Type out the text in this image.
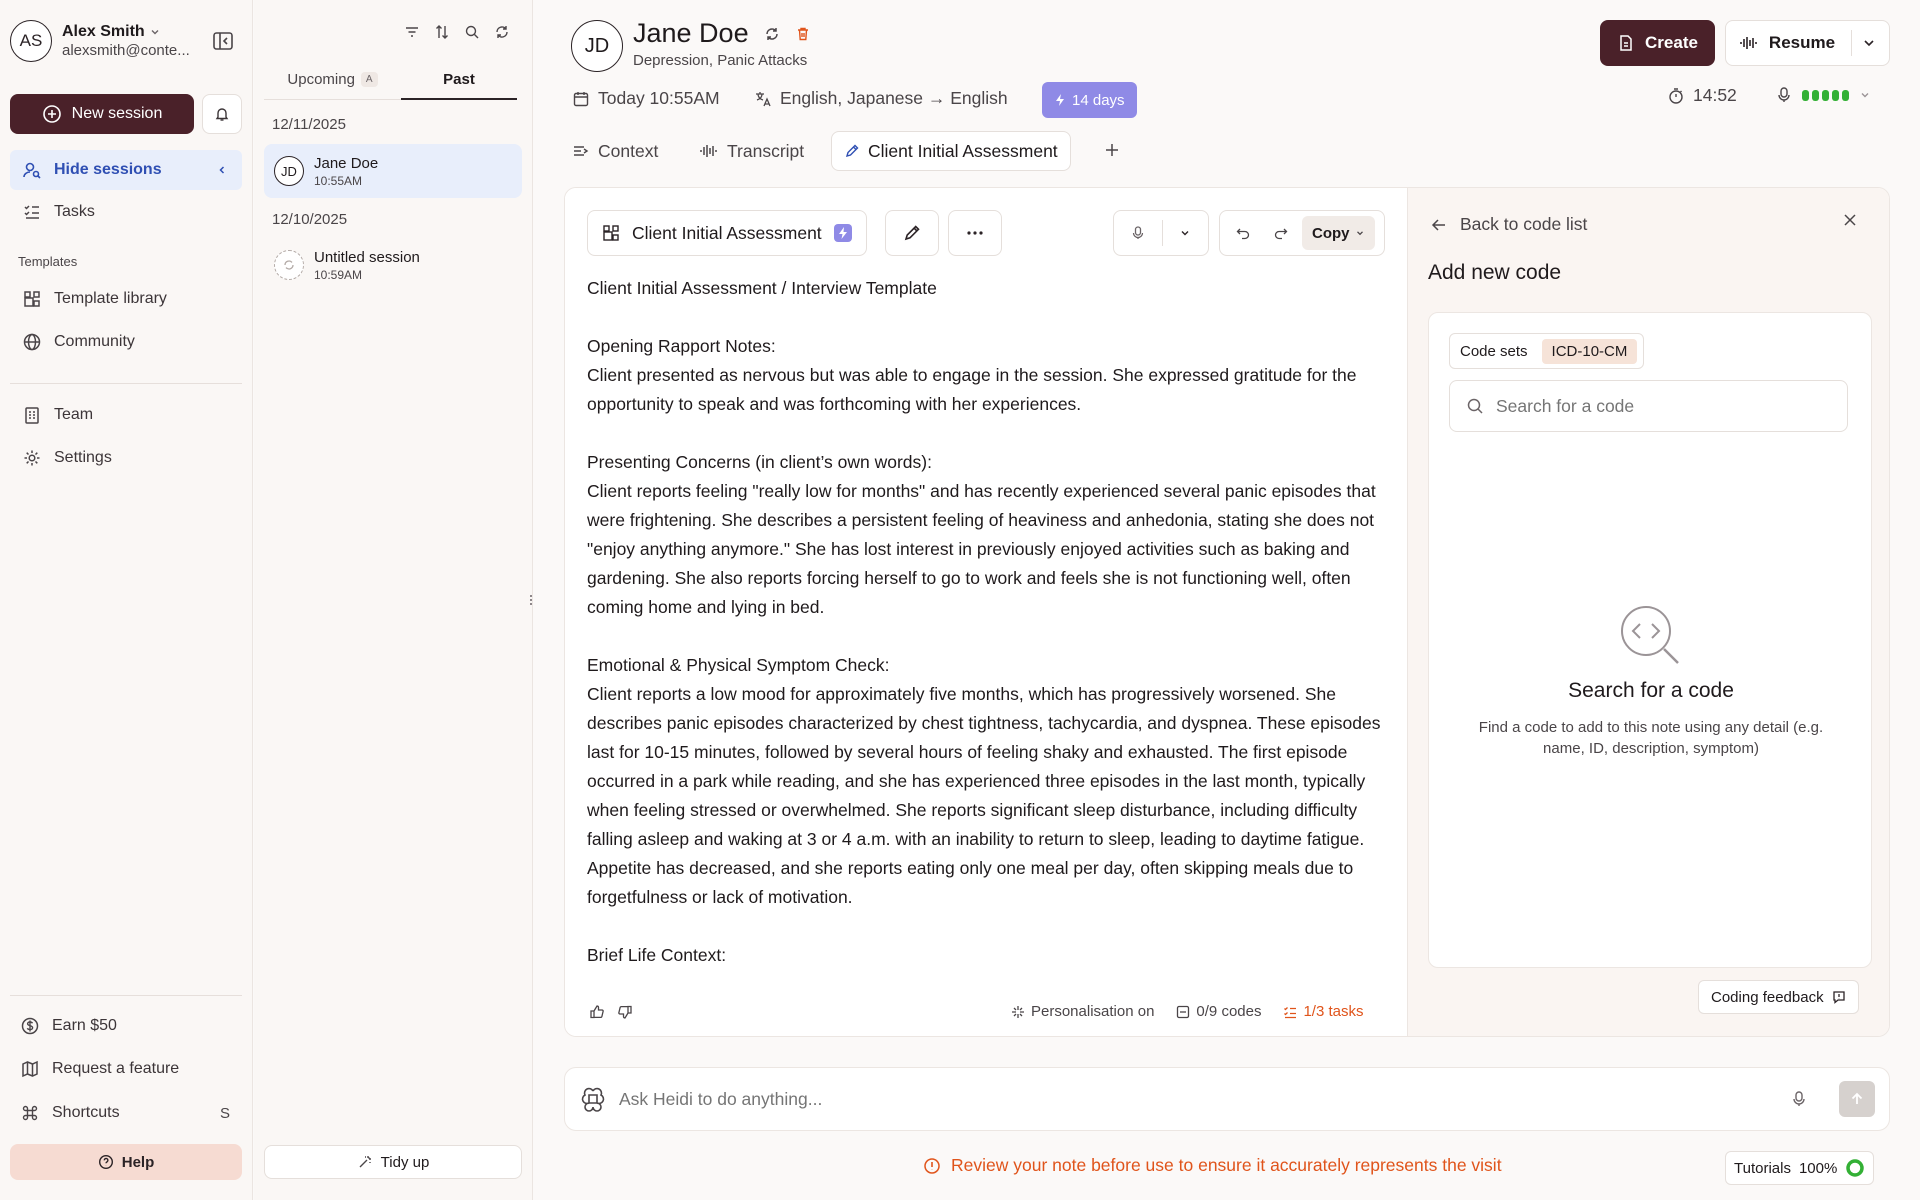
AS	Alex Smith
alexsmith@conte...
New session
Hide sessions
Tasks
Templates
Template library
Community
Team
Settings
Earn $50
Request a feature
Shortcuts	S
Help
Upcoming	A	Past
12/11/2025
JD	Jane Doe
10:55AM
12/10/2025
Untitled session
10:59AM
Tidy up
JD Jane Doe
Depression, Panic Attacks
Create	Resume
Today 10:55AM	English, Japanese → English	14 days	14:52
Context	Transcript	Client Initial Assessment
Client Initial Assessment	Copy
Client Initial Assessment / Interview Template
Opening Rapport Notes:
Client presented as nervous but was able to engage in the session. She expressed gratitude for the opportunity to speak and was forthcoming with her experiences.
Presenting Concerns (in client’s own words):
Client reports feeling "really low for months" and has recently experienced several panic episodes that were frightening. She describes a persistent feeling of heaviness and anhedonia, stating she does not "enjoy anything anymore." She has lost interest in previously enjoyed activities such as baking and gardening. She also reports forcing herself to go to work and feels she is not functioning well, often coming home and lying in bed.
Emotional & Physical Symptom Check:
Client reports a low mood for approximately five months, which has progressively worsened. She describes panic episodes characterized by chest tightness, tachycardia, and dyspnea. These episodes last for 10-15 minutes, followed by several hours of feeling shaky and exhausted. The first episode occurred in a park while reading, and she has experienced three episodes in the last month, typically when feeling stressed or overwhelmed. She reports significant sleep disturbance, including difficulty falling asleep and waking at 3 or 4 a.m. with an inability to return to sleep, leading to daytime fatigue. Appetite has decreased, and she reports eating only one meal per day, often skipping meals due to forgetfulness or lack of motivation.
Brief Life Context:
Personalisation on	0/9 codes	1/3 tasks
Back to code list
Add new code
Code sets	ICD-10-CM
Search for a code
Search for a code
Find a code to add to this note using any detail (e.g. name, ID, description, symptom)
Coding feedback
Ask Heidi to do anything...
Review your note before use to ensure it accurately represents the visit	Tutorials 100%
